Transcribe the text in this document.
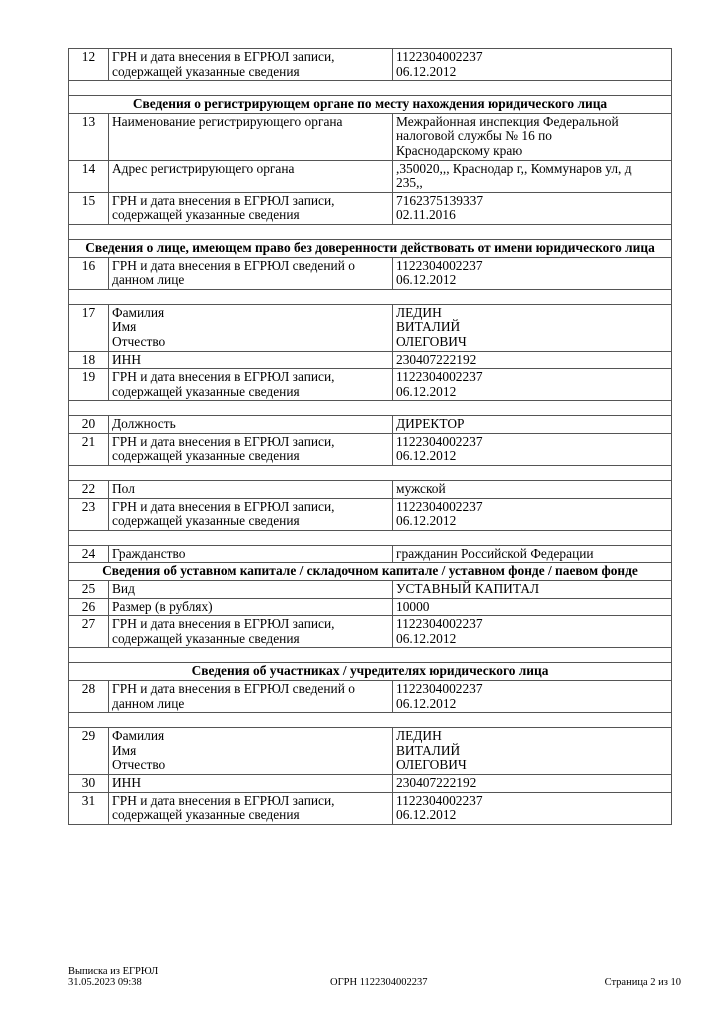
12	ГРН и дата внесения в ЕГРЮЛ записи,
содержащей указанные сведения	1122304002237
06.12.2012

Сведения о регистрирующем органе по месту нахождения юридического лица		
13	Наименование регистрирующего органа	Межрайонная инспекция Федеральной
налоговой службы № 16 по
Краснодарскому краю

14	Адрес регистрирующего органа	,350020,,, Краснодар г,, Коммунаров ул, д
235,,

15	ГРН и дата внесения в ЕГРЮЛ записи,
содержащей указанные сведения	7162375139337
02.11.2016

Сведения о лице, имеющем право без доверенности действовать от имени юридического лица		
16	ГРН и дата внесения в ЕГРЮЛ сведений о
данном лице	1122304002237
06.12.2012

17	Фамилия
Имя
Отчество	ЛЕДИН
ВИТАЛИЙ
ОЛЕГОВИЧ

18	ИНН	230407222192

19	ГРН и дата внесения в ЕГРЮЛ записи,
содержащей указанные сведения	1122304002237
06.12.2012

20	Должность	ДИРЕКТОР

21	ГРН и дата внесения в ЕГРЮЛ записи,
содержащей указанные сведения	1122304002237
06.12.2012

22	Пол	мужской

23	ГРН и дата внесения в ЕГРЮЛ записи,
содержащей указанные сведения	1122304002237
06.12.2012

24	Гражданство	гражданин Российской Федерации

Сведения об уставном капитале / складочном капитале / уставном фонде / паевом фонде		
25	Вид	УСТАВНЫЙ КАПИТАЛ

26	Размер (в рублях)	10000

27	ГРН и дата внесения в ЕГРЮЛ записи,
содержащей указанные сведения	1122304002237
06.12.2012

Сведения об участниках / учредителях юридического лица		
28	ГРН и дата внесения в ЕГРЮЛ сведений о
данном лице	1122304002237
06.12.2012

29	Фамилия
Имя
Отчество	ЛЕДИН
ВИТАЛИЙ
ОЛЕГОВИЧ

30	ИНН	230407222192

31	ГРН и дата внесения в ЕГРЮЛ записи,
содержащей указанные сведения	1122304002237
06.12.2012
Выписка из ЕГРЮЛ
31.05.2023 09:38	ОГРН 1122304002237	Страница 2 из 10
